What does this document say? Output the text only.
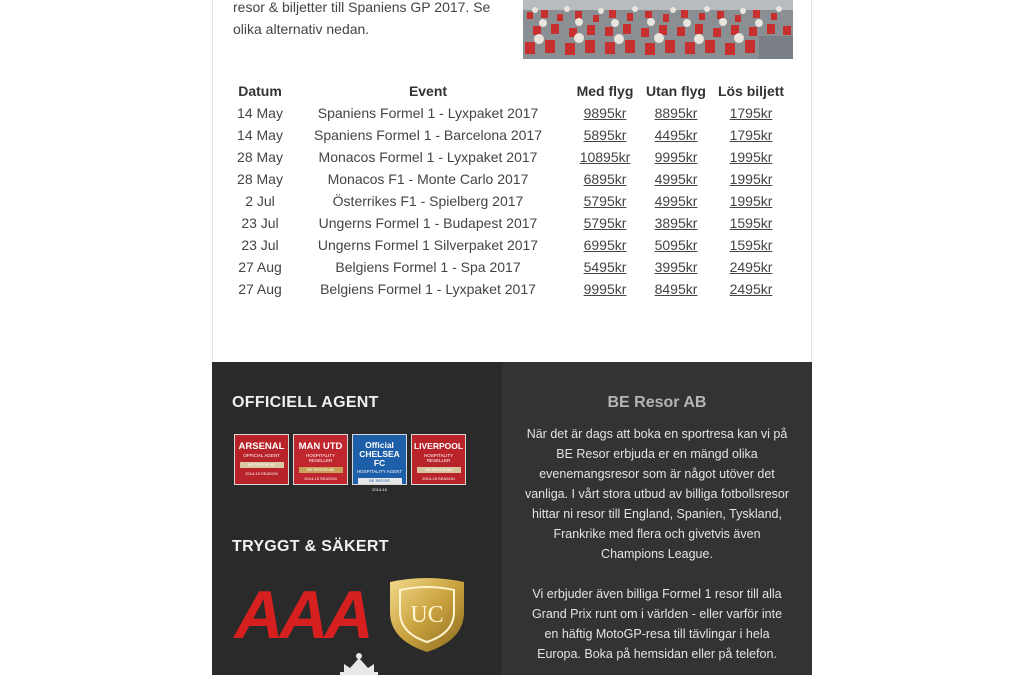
resor & biljetter till Spaniens GP 2017. Se olika alternativ nedan.
Datum	Event	Med flyg	Utan flyg	Lös biljett
14 May	Spaniens Formel 1 - Lyxpaket 2017	9895kr	8895kr	1795kr
14 May	Spaniens Formel 1 - Barcelona 2017	5895kr	4495kr	1795kr
28 May	Monacos Formel 1 - Lyxpaket 2017	10895kr	9995kr	1995kr
28 May	Monacos F1 - Monte Carlo 2017	6895kr	4995kr	1995kr
2 Jul	Österrikes F1 - Spielberg 2017	5795kr	4995kr	1995kr
23 Jul	Ungerns Formel 1 - Budapest 2017	5795kr	3895kr	1595kr
23 Jul	Ungerns Formel 1 Silverpaket 2017	6995kr	5095kr	1595kr
27 Aug	Belgiens Formel 1 - Spa 2017	5495kr	3995kr	2495kr
27 Aug	Belgiens Formel 1 - Lyxpaket 2017	9995kr	8495kr	2495kr
OFFICIELL AGENT
ARSENAL
OFFICIAL AGENT
BE RESOR AB
2014-15 SEASON
MAN UTD
HOSPITALITY RESELLER
BE RESOR AB
2014-15 SEASON
Official CHELSEA FC
HOSPITALITY AGENT
BE RESOR
2014-15
LIVERPOOL
HOSPITALITY RESELLER
BE RESOR AB
2014-15 SEASON
TRYGGT & SÄKERT
AAA UC
BE Resor AB
När det är dags att boka en sportresa kan vi på BE Resor erbjuda er en mängd olika evenemangsresor som är något utöver det vanliga. I vårt stora utbud av billiga fotbollsresor hittar ni resor till England, Spanien, Tyskland, Frankrike med flera och givetvis även Champions League.
Vi erbjuder även billiga Formel 1 resor till alla Grand Prix runt om i världen - eller varför inte en häftig MotoGP-resa till tävlingar i hela Europa. Boka på hemsidan eller på telefon.
